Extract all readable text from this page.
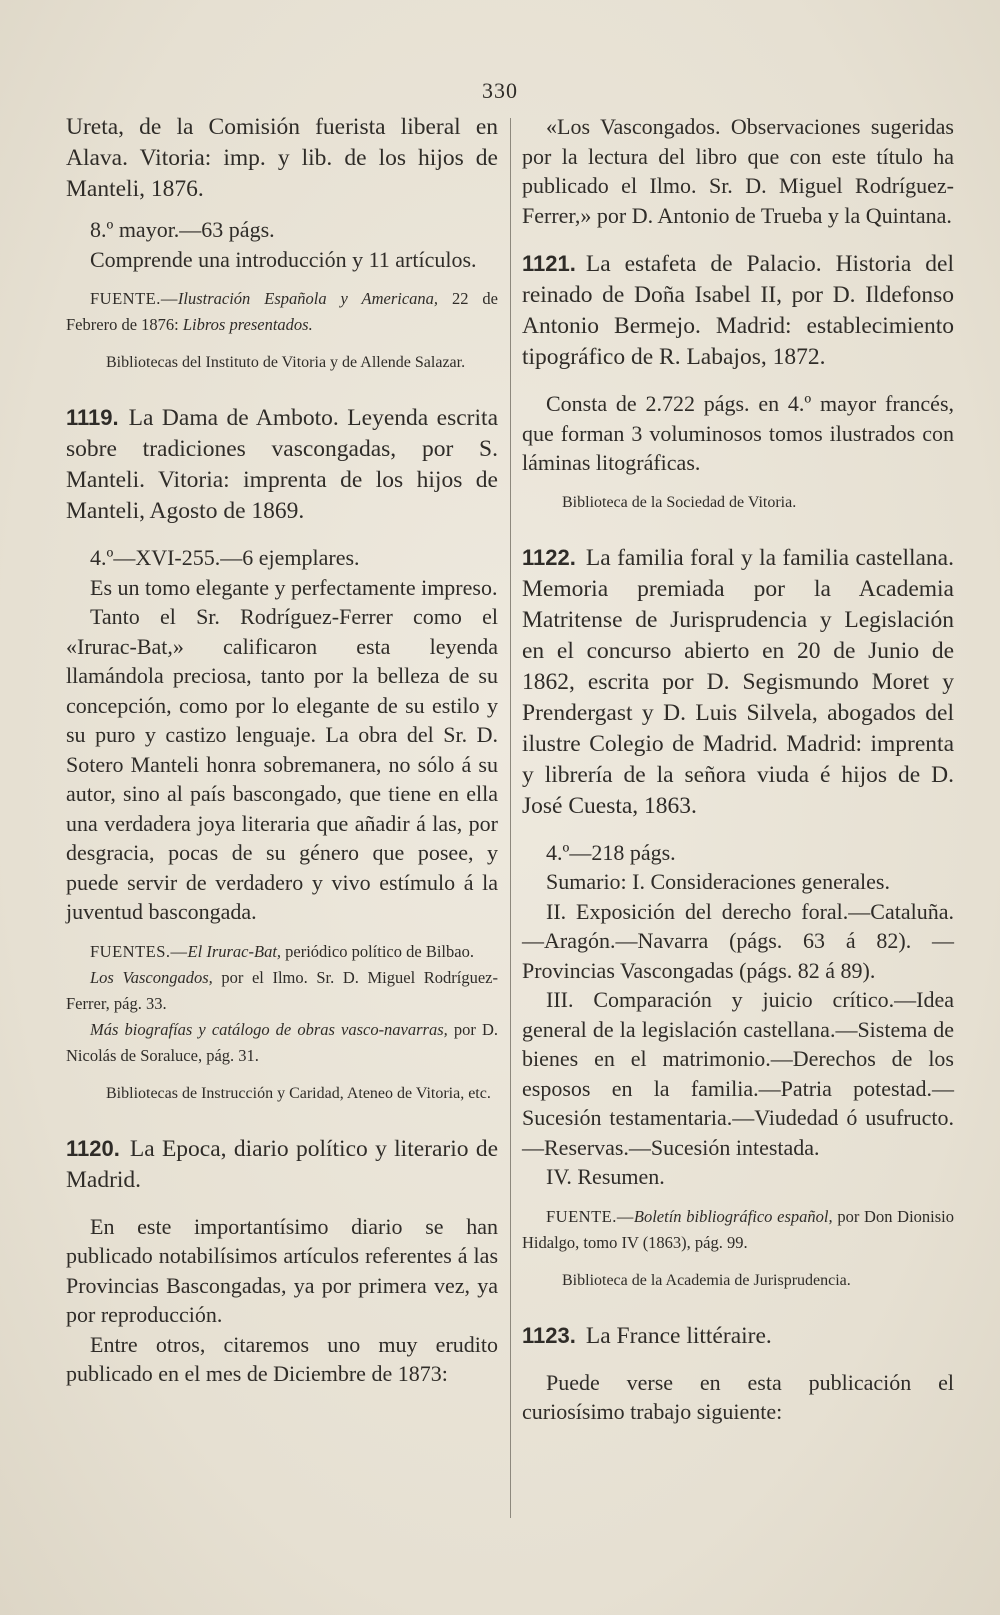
330

Ureta, de la Comisión fuerista liberal en Alava. Vitoria: imp. y lib. de los hijos de Manteli, 1876.

8.º mayor.—63 págs.

Comprende una introducción y 11 artículos.

FUENTE.—Ilustración Española y Americana, 22 de Febrero de 1876: Libros presentados.

Bibliotecas del Instituto de Vitoria y de Allende Salazar.

1119. La Dama de Amboto. Leyenda escrita sobre tradiciones vascongadas, por S. Manteli. Vitoria: imprenta de los hijos de Manteli, Agosto de 1869.

4.º—XVI-255.—6 ejemplares.

Es un tomo elegante y perfectamente impreso.

Tanto el Sr. Rodríguez-Ferrer como el «Irurac-Bat,» calificaron esta leyenda llamándola preciosa, tanto por la belleza de su concepción, como por lo elegante de su estilo y su puro y castizo lenguaje. La obra del Sr. D. Sotero Manteli honra sobremanera, no sólo á su autor, sino al país bascongado, que tiene en ella una verdadera joya literaria que añadir á las, por desgracia, pocas de su género que posee, y puede servir de verdadero y vivo estímulo á la juventud bascongada.

FUENTES.—El Irurac-Bat, periódico político de Bilbao.

Los Vascongados, por el Ilmo. Sr. D. Miguel Rodríguez-Ferrer, pág. 33.

Más biografías y catálogo de obras vasco-navarras, por D. Nicolás de Soraluce, pág. 31.

Bibliotecas de Instrucción y Caridad, Ateneo de Vitoria, etc.

1120. La Epoca, diario político y literario de Madrid.

En este importantísimo diario se han publicado notabilísimos artículos referentes á las Provincias Bascongadas, ya por primera vez, ya por reproducción.

Entre otros, citaremos uno muy erudito publicado en el mes de Diciembre de 1873:

«Los Vascongados. Observaciones sugeridas por la lectura del libro que con este título ha publicado el Ilmo. Sr. D. Miguel Rodríguez-Ferrer,» por D. Antonio de Trueba y la Quintana.

1121. La estafeta de Palacio. Historia del reinado de Doña Isabel II, por D. Ildefonso Antonio Bermejo. Madrid: establecimiento tipográfico de R. Labajos, 1872.

Consta de 2.722 págs. en 4.º mayor francés, que forman 3 voluminosos tomos ilustrados con láminas litográficas.

Biblioteca de la Sociedad de Vitoria.

1122. La familia foral y la familia castellana. Memoria premiada por la Academia Matritense de Jurisprudencia y Legislación en el concurso abierto en 20 de Junio de 1862, escrita por D. Segismundo Moret y Prendergast y D. Luis Silvela, abogados del ilustre Colegio de Madrid. Madrid: imprenta y librería de la señora viuda é hijos de D. José Cuesta, 1863.

4.º—218 págs.

Sumario: I. Consideraciones generales.

II. Exposición del derecho foral.—Cataluña.—Aragón.—Navarra (págs. 63 á 82). —Provincias Vascongadas (págs. 82 á 89).

III. Comparación y juicio crítico.—Idea general de la legislación castellana.—Sistema de bienes en el matrimonio.—Derechos de los esposos en la familia.—Patria potestad.—Sucesión testamentaria.—Viudedad ó usufructo.—Reservas.—Sucesión intestada.

IV. Resumen.

FUENTE.—Boletín bibliográfico español, por Don Dionisio Hidalgo, tomo IV (1863), pág. 99.

Biblioteca de la Academia de Jurisprudencia.

1123. La France littéraire.

Puede verse en esta publicación el curiosísimo trabajo siguiente:
